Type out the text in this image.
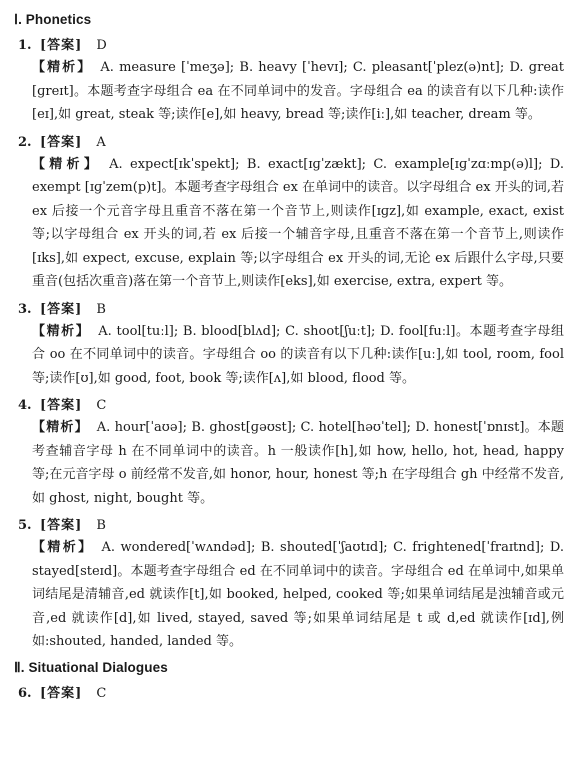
Ⅰ. Phonetics
1. [答案] D
【精析】 A. measure [ˈmeʒə]; B. heavy [ˈhevɪ]; C. pleasant[ˈplez(ə)nt]; D. great [ɡreɪt]。本题考查字母组合 ea 在不同单词中的发音。字母组合 ea 的读音有以下几种:读作[eɪ],如 great, steak 等;读作[e],如 heavy, bread 等;读作[iː],如 teacher, dream 等。
2. [答案] A
【精析】 A. expect[ɪkˈspekt]; B. exact[ɪɡˈzækt]; C. example[ɪɡˈzɑːmp(ə)l]; D. exempt [ɪɡˈzem(p)t]。本题考查字母组合 ex 在单词中的读音。以字母组合 ex 开头的词,若 ex 后接一个元音字母且重音不落在第一个音节上,则读作[ɪɡz],如 example, exact, exist 等;以字母组合 ex 开头的词,若 ex 后接一个辅音字母,且重音不落在第一个音节上,则读作[ɪks],如 expect, excuse, explain 等;以字母组合 ex 开头的词,无论 ex 后跟什么字母,只要重音(包括次重音)落在第一个音节上,则读作[eks],如 exercise, extra, expert 等。
3. [答案] B
【精析】 A. tool[tuːl]; B. blood[blʌd]; C. shoot[ʃuːt]; D. fool[fuːl]。本题考查字母组合 oo 在不同单词中的读音。字母组合 oo 的读音有以下几种:读作[uː],如 tool, room, fool 等;读作[ʊ],如 good, foot, book 等;读作[ʌ],如 blood, flood 等。
4. [答案] C
【精析】 A. hour[ˈaʊə]; B. ghost[ɡəʊst]; C. hotel[həʊˈtel]; D. honest[ˈɒnɪst]。本题考查辅音字母 h 在不同单词中的读音。h 一般读作[h],如 how, hello, hot, head, happy 等;在元音字母 o 前经常不发音,如 honor, hour, honest 等;h 在字母组合 gh 中经常不发音,如 ghost, night, bought 等。
5. [答案] B
【精析】 A. wondered[ˈwʌndəd]; B. shouted[ˈʃaʊtɪd]; C. frightened[ˈfraɪtnd]; D. stayed[steɪd]。本题考查字母组合 ed 在不同单词中的读音。字母组合 ed 在单词中,如果单词结尾是清辅音,ed 就读作[t],如 booked, helped, cooked 等;如果单词结尾是浊辅音或元音,ed 就读作[d],如 lived, stayed, saved 等;如果单词结尾是 t 或 d,ed 就读作[ɪd],例如:shouted, handed, landed 等。
Ⅱ. Situational Dialogues
6. [答案] C
